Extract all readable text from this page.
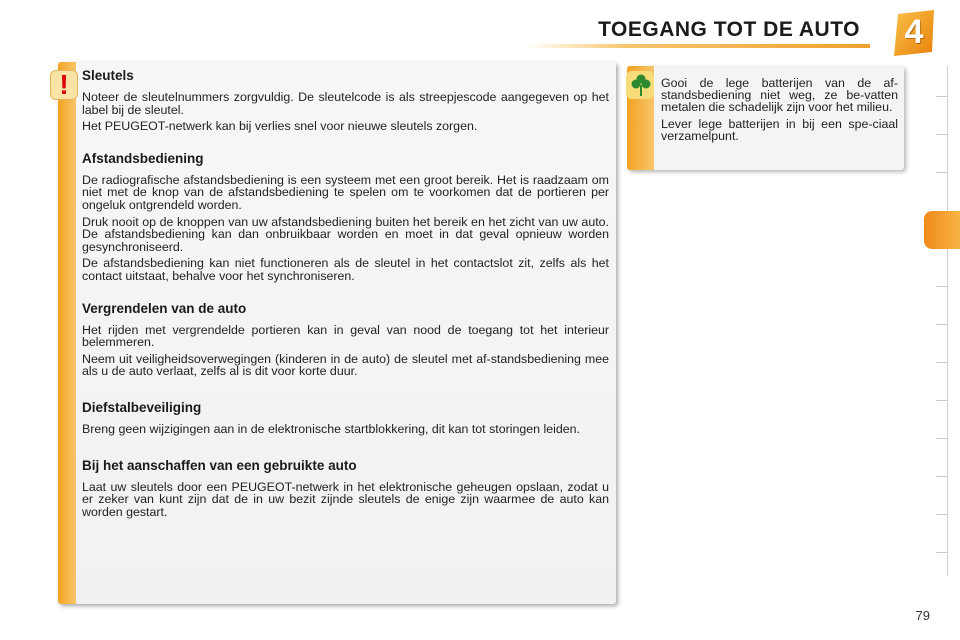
TOEGANG TOT DE AUTO 4
! Sleutels

Noteer de sleutelnummers zorgvuldig. De sleutelcode is als streepjescode aangegeven op het label bij de sleutel.

Het PEUGEOT-netwerk kan bij verlies snel voor nieuwe sleutels zorgen.

Afstandsbediening

De radiografische afstandsbediening is een systeem met een groot bereik. Het is raadzaam om niet met de knop van de afstandsbediening te spelen om te voorkomen dat de portieren per ongeluk ontgrendeld worden.

Druk nooit op de knoppen van uw afstandsbediening buiten het bereik en het zicht van uw auto. De afstandsbediening kan dan onbruikbaar worden en moet in dat geval opnieuw worden gesynchroniseerd.

De afstandsbediening kan niet functioneren als de sleutel in het contactslot zit, zelfs als het contact uitstaat, behalve voor het synchroniseren.

Vergrendelen van de auto

Het rijden met vergrendelde portieren kan in geval van nood de toegang tot het interieur belemmeren.

Neem uit veiligheidsoverwegingen (kinderen in de auto) de sleutel met af-standsbediening mee als u de auto verlaat, zelfs al is dit voor korte duur.

Diefstalbeveiliging

Breng geen wijzigingen aan in de elektronische startblokkering, dit kan tot storingen leiden.

Bij het aanschaffen van een gebruikte auto

Laat uw sleutels door een PEUGEOT-netwerk in het elektronische geheugen opslaan, zodat u er zeker van kunt zijn dat de in uw bezit zijnde sleutels de enige zijn waarmee de auto kan worden gestart.

Gooi de lege batterijen van de af-standsbediening niet weg, ze be-vatten metalen die schadelijk zijn voor het milieu.

Lever lege batterijen in bij een spe-ciaal verzamelpunt.

79
